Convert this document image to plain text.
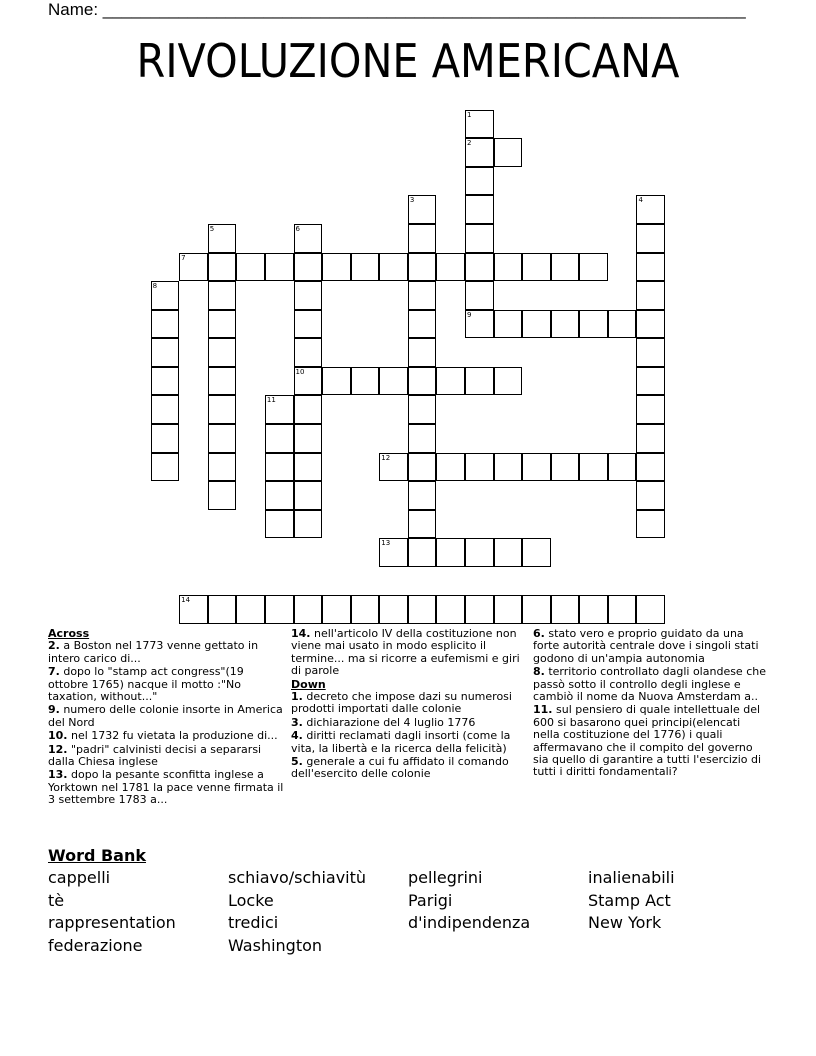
Name: ____________________________________________________________________
RIVOLUZIONE AMERICANA
1
2
3	4
5	6
7
8
9
10
11
12
13
14
Across
2. a Boston nel 1773 venne gettato in intero carico di...
7. dopo lo "stamp act congress"(19 ottobre 1765) nacque il motto :"No taxation, without..."
9. numero delle colonie insorte in America del Nord
10. nel 1732 fu vietata la produzione di...
12. "padri" calvinisti decisi a separarsi dalla Chiesa inglese
13. dopo la pesante sconfitta inglese a Yorktown nel 1781 la pace venne firmata il 3 settembre 1783 a...
14. nell'articolo IV della costituzione non viene mai usato in modo esplicito il termine... ma si ricorre a eufemismi e giri di parole
Down
1. decreto che impose dazi su numerosi prodotti importati dalle colonie
3. dichiarazione del 4 luglio 1776
4. diritti reclamati dagli insorti (come la vita, la libertà e la ricerca della felicità)
5. generale a cui fu affidato il comando dell'esercito delle colonie
6. stato vero e proprio guidato da una forte autorità centrale dove i singoli stati godono di un'ampia autonomia
8. territorio controllato dagli olandese che passò sotto il controllo degli inglese e cambiò il nome da Nuova Amsterdam a..
11. sul pensiero di quale intellettuale del 600 si basarono quei principi(elencati nella costituzione del 1776) i quali affermavano che il compito del governo sia quello di garantire a tutti l'esercizio di tutti i diritti fondamentali?
Word Bank
cappelli
tè
rappresentation
federazione
schiavo/schiavitù
Locke
tredici
Washington
pellegrini
Parigi
d'indipendenza
inalienabili
Stamp Act
New York
